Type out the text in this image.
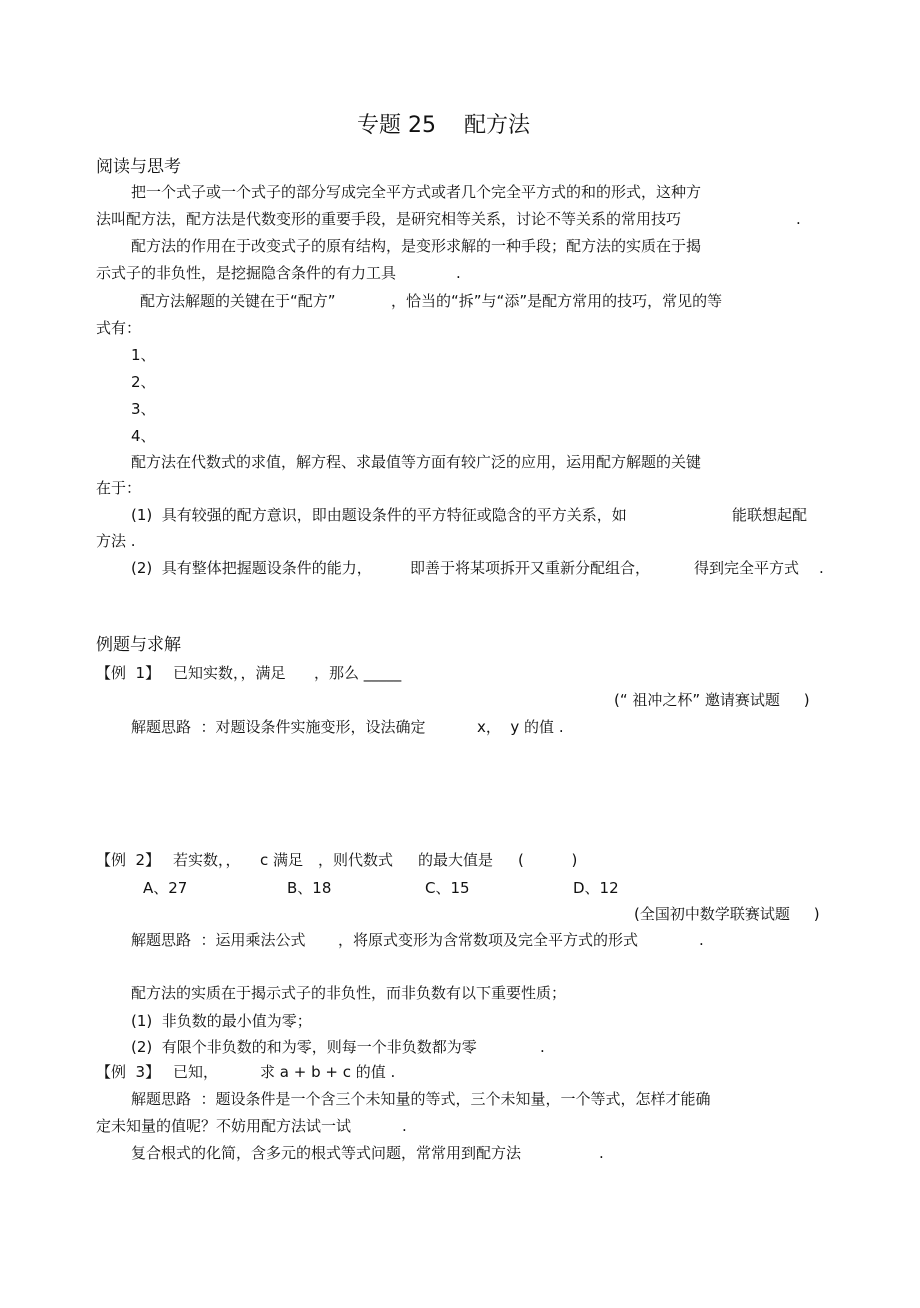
专题 25    配方法
阅读与思考
把一个式子或一个式子的部分写成完全平方式或者几个完全平方式的和的形式，这种方
法叫配方法，配方法是代数变形的重要手段，是研究相等关系，讨论不等关系的常用技巧	.
配方法的作用在于改变式子的原有结构，是变形求解的一种手段；配方法的实质在于揭
示式子的非负性，是挖掘隐含条件的有力工具	.
配方法解题的关键在于“配方”	，恰当的“拆”与“添”是配方常用的技巧，常见的等
式有：
1、
2、
3、
4、
配方法在代数式的求值，解方程、求最值等方面有较广泛的应用，运用配方解题的关键
在于：
(1)  具有较强的配方意识，即由题设条件的平方特征或隐含的平方关系，如	能联想起配
方法 .
(2)  具有整体把握题设条件的能力，	即善于将某项拆开又重新分配组合，	得到完全平方式 .
例题与求解
【例  1】 已知实数，，满足 ，那么 _____
(“ 祖冲之杯” 邀请赛试题     )
解题思路  ：对题设条件实施变形，设法确定	x，  y 的值 .
【例  2】 若实数，， c 满足 ，则代数式 的最大值是 (          )
A、27	B、18	C、15	D、12
(全国初中数学联赛试题     )
解题思路  ：运用乘法公式 ，将原式变形为含常数项及完全平方式的形式	.
配方法的实质在于揭示式子的非负性，而非负数有以下重要性质；
(1)  非负数的最小值为零；
(2)  有限个非负数的和为零，则每一个非负数都为零	.
【例  3】 已知，	求 a + b + c 的值 .
解题思路  ：题设条件是一个含三个未知量的等式，三个未知量，一个等式，怎样才能确
定未知量的值呢？不妨用配方法试一试	.
复合根式的化简，含多元的根式等式问题，常常用到配方法	.
